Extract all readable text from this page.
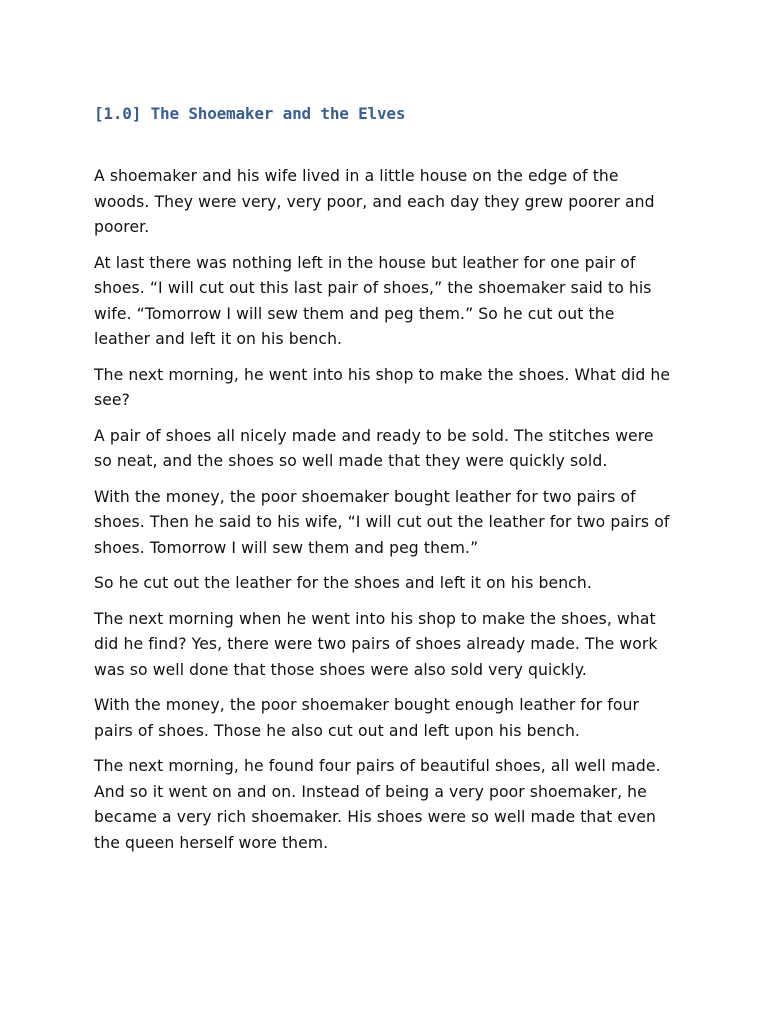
[1.0] The Shoemaker and the Elves

A shoemaker and his wife lived in a little house on the edge of the woods. They were very, very poor, and each day they grew poorer and poorer.

At last there was nothing left in the house but leather for one pair of shoes. “I will cut out this last pair of shoes,” the shoemaker said to his wife. “Tomorrow I will sew them and peg them.” So he cut out the leather and left it on his bench.

The next morning, he went into his shop to make the shoes. What did he see?

A pair of shoes all nicely made and ready to be sold. The stitches were so neat, and the shoes so well made that they were quickly sold.

With the money, the poor shoemaker bought leather for two pairs of shoes. Then he said to his wife, “I will cut out the leather for two pairs of shoes. Tomorrow I will sew them and peg them.”

So he cut out the leather for the shoes and left it on his bench.

The next morning when he went into his shop to make the shoes, what did he find? Yes, there were two pairs of shoes already made. The work was so well done that those shoes were also sold very quickly.

With the money, the poor shoemaker bought enough leather for four pairs of shoes. Those he also cut out and left upon his bench.

The next morning, he found four pairs of beautiful shoes, all well made. And so it went on and on. Instead of being a very poor shoemaker, he became a very rich shoemaker. His shoes were so well made that even the queen herself wore them.
